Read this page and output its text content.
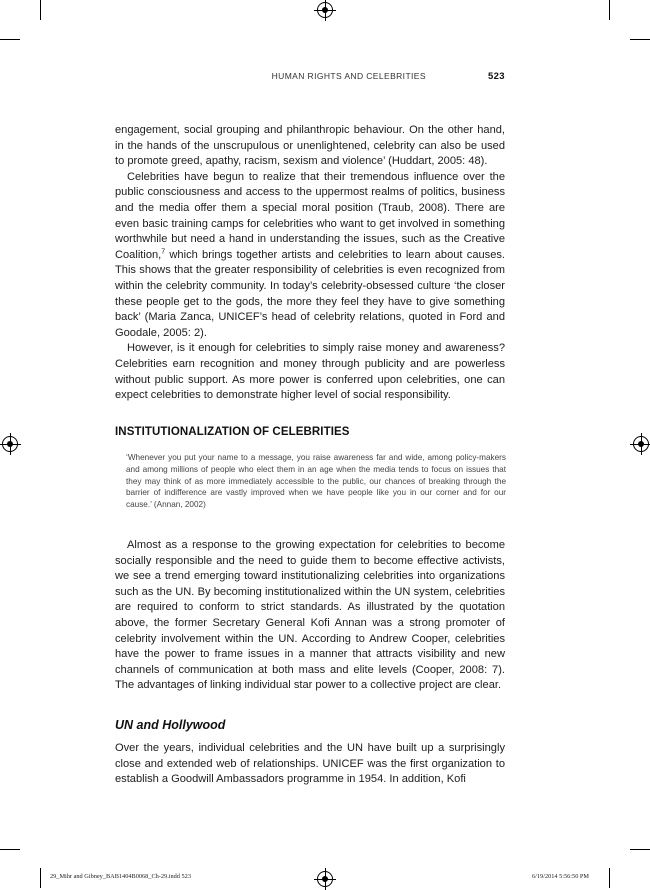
HUMAN RIGHTS AND CELEBRITIES	523

engagement, social grouping and philanthropic behaviour. On the other hand, in the hands of the unscrupulous or unenlightened, celebrity can also be used to promote greed, apathy, racism, sexism and violence’ (Huddart, 2005: 48).

Celebrities have begun to realize that their tremendous influence over the public consciousness and access to the uppermost realms of politics, business and the media offer them a special moral position (Traub, 2008). There are even basic training camps for celebrities who want to get involved in something worthwhile but need a hand in understanding the issues, such as the Creative Coalition,$^7$ which brings together artists and celebrities to learn about causes. This shows that the greater responsibility of celebrities is even recognized from within the celebrity community. In today’s celebrity-obsessed culture ‘the closer these people get to the gods, the more they feel they have to give something back’ (Maria Zanca, UNICEF’s head of celebrity relations, quoted in Ford and Goodale, 2005: 2).

However, is it enough for celebrities to simply raise money and awareness? Celebrities earn recognition and money through publicity and are powerless without public support. As more power is conferred upon celebrities, one can expect celebrities to demonstrate higher level of social responsibility.

INSTITUTIONALIZATION OF CELEBRITIES
‘Whenever you put your name to a message, you raise awareness far and wide, among policy-makers and among millions of people who elect them in an age when the media tends to focus on issues that they may think of as more immediately accessible to the public, our chances of breaking through the barrier of indifference are vastly improved when we have people like you in our corner and for our cause.’ (Annan, 2002)

Almost as a response to the growing expectation for celebrities to become socially responsible and the need to guide them to become effective activists, we see a trend emerging toward institutionalizing celebrities into organizations such as the UN. By becoming institutionalized within the UN system, celebrities are required to conform to strict standards. As illustrated by the quotation above, the former Secretary General Kofi Annan was a strong promoter of celebrity involvement within the UN. According to Andrew Cooper, celebrities have the power to frame issues in a manner that attracts visibility and new channels of communication at both mass and elite levels (Cooper, 2008: 7). The advantages of linking individual star power to a collective project are clear.

UN and Hollywood

Over the years, individual celebrities and the UN have built up a surprisingly close and extended web of relationships. UNICEF was the first organization to establish a Goodwill Ambassadors programme in 1954. In addition, Kofi

29_Mihr and Gibney_BAB1404B0068_Ch-29.indd 523	6/19/2014 5:56:50 PM
